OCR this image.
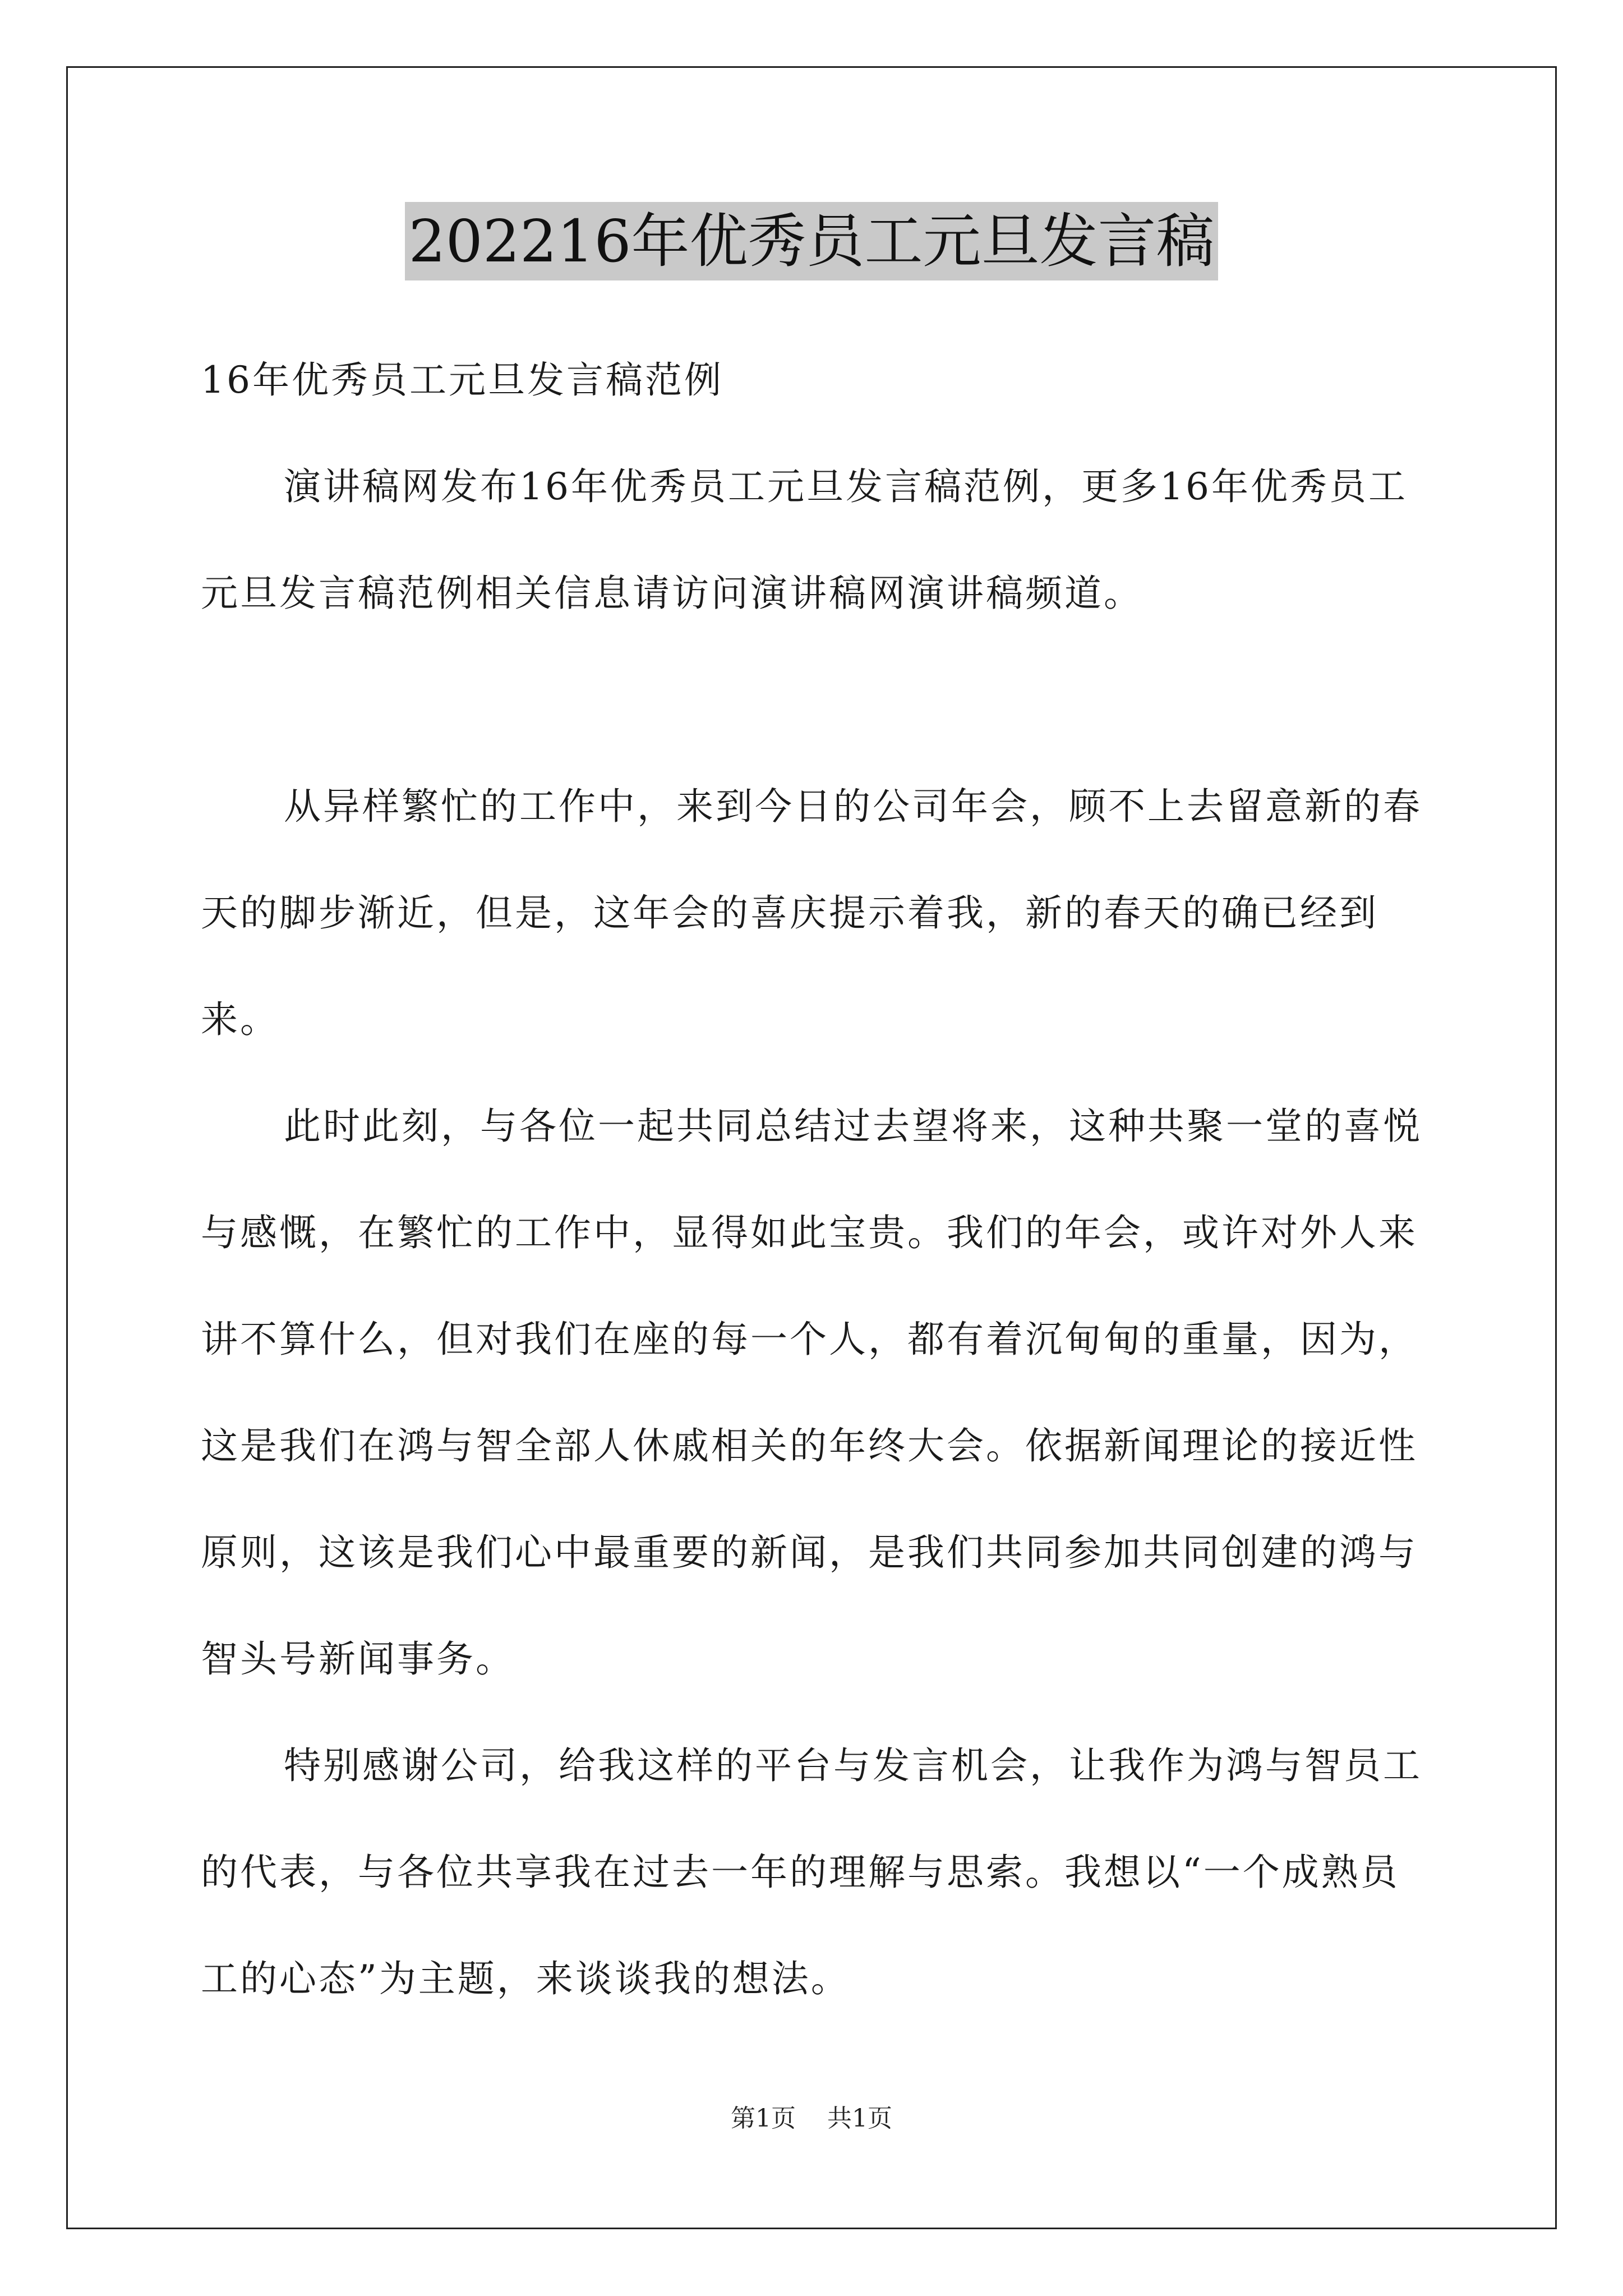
202216年优秀员工元旦发言稿

16年优秀员工元旦发言稿范例

演讲稿网发布16年优秀员工元旦发言稿范例，更多16年优秀员工元旦发言稿范例相关信息请访问演讲稿网演讲稿频道。

从异样繁忙的工作中，来到今日的公司年会，顾不上去留意新的春天的脚步渐近，但是，这年会的喜庆提示着我，新的春天的确已经到来。

此时此刻，与各位一起共同总结过去望将来，这种共聚一堂的喜悦与感慨，在繁忙的工作中，显得如此宝贵。我们的年会，或许对外人来讲不算什么，但对我们在座的每一个人，都有着沉甸甸的重量，因为，这是我们在鸿与智全部人休戚相关的年终大会。依据新闻理论的接近性原则，这该是我们心中最重要的新闻，是我们共同参加共同创建的鸿与智头号新闻事务。

特别感谢公司，给我这样的平台与发言机会，让我作为鸿与智员工的代表，与各位共享我在过去一年的理解与思索。我想以“一个成熟员工的心态”为主题，来谈谈我的想法。

第1页 共1页
